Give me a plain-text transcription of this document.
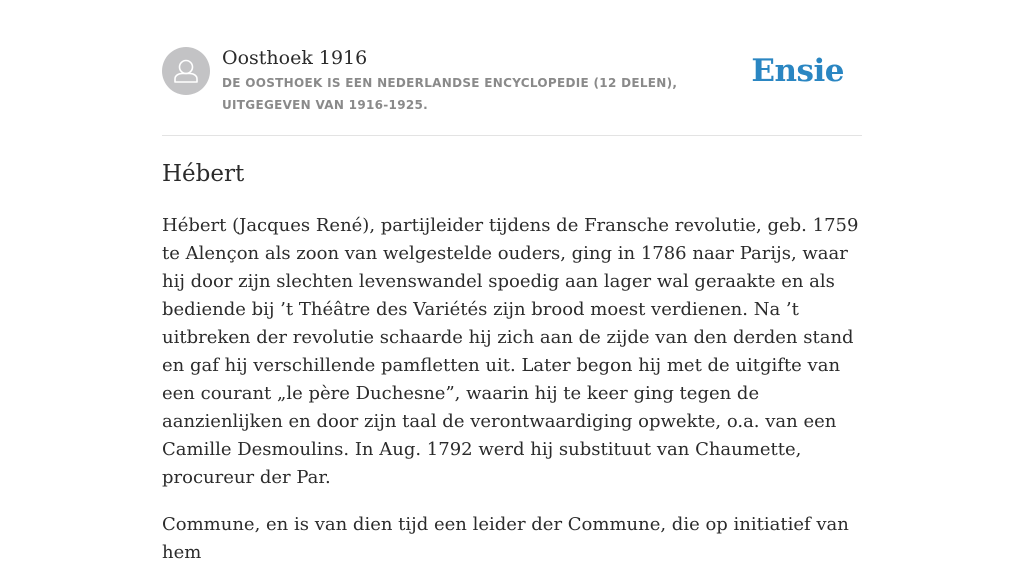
Oosthoek 1916
DE OOSTHOEK IS EEN NEDERLANDSE ENCYCLOPEDIE (12 DELEN), UITGEGEVEN VAN 1916-1925.
Ensie
Hébert

Hébert (Jacques René), partijleider tijdens de Fransche revolutie, geb. 1759 te Alençon als zoon van welgestelde ouders, ging in 1786 naar Parijs, waar hij door zijn slechten levenswandel spoedig aan lager wal geraakte en als bediende bij ’t Théâtre des Variétés zijn brood moest verdienen. Na ’t uitbreken der revolutie schaarde hij zich aan de zijde van den derden stand en gaf hij verschillende pamfletten uit. Later begon hij met de uitgifte van een courant „le père Duchesne”, waarin hij te keer ging tegen de aanzienlijken en door zijn taal de verontwaardiging opwekte, o.a. van een Camille Desmoulins. In Aug. 1792 werd hij substituut van Chaumette, procureur der Par.

Commune, en is van dien tijd een leider der Commune, die op initiatief van hem
